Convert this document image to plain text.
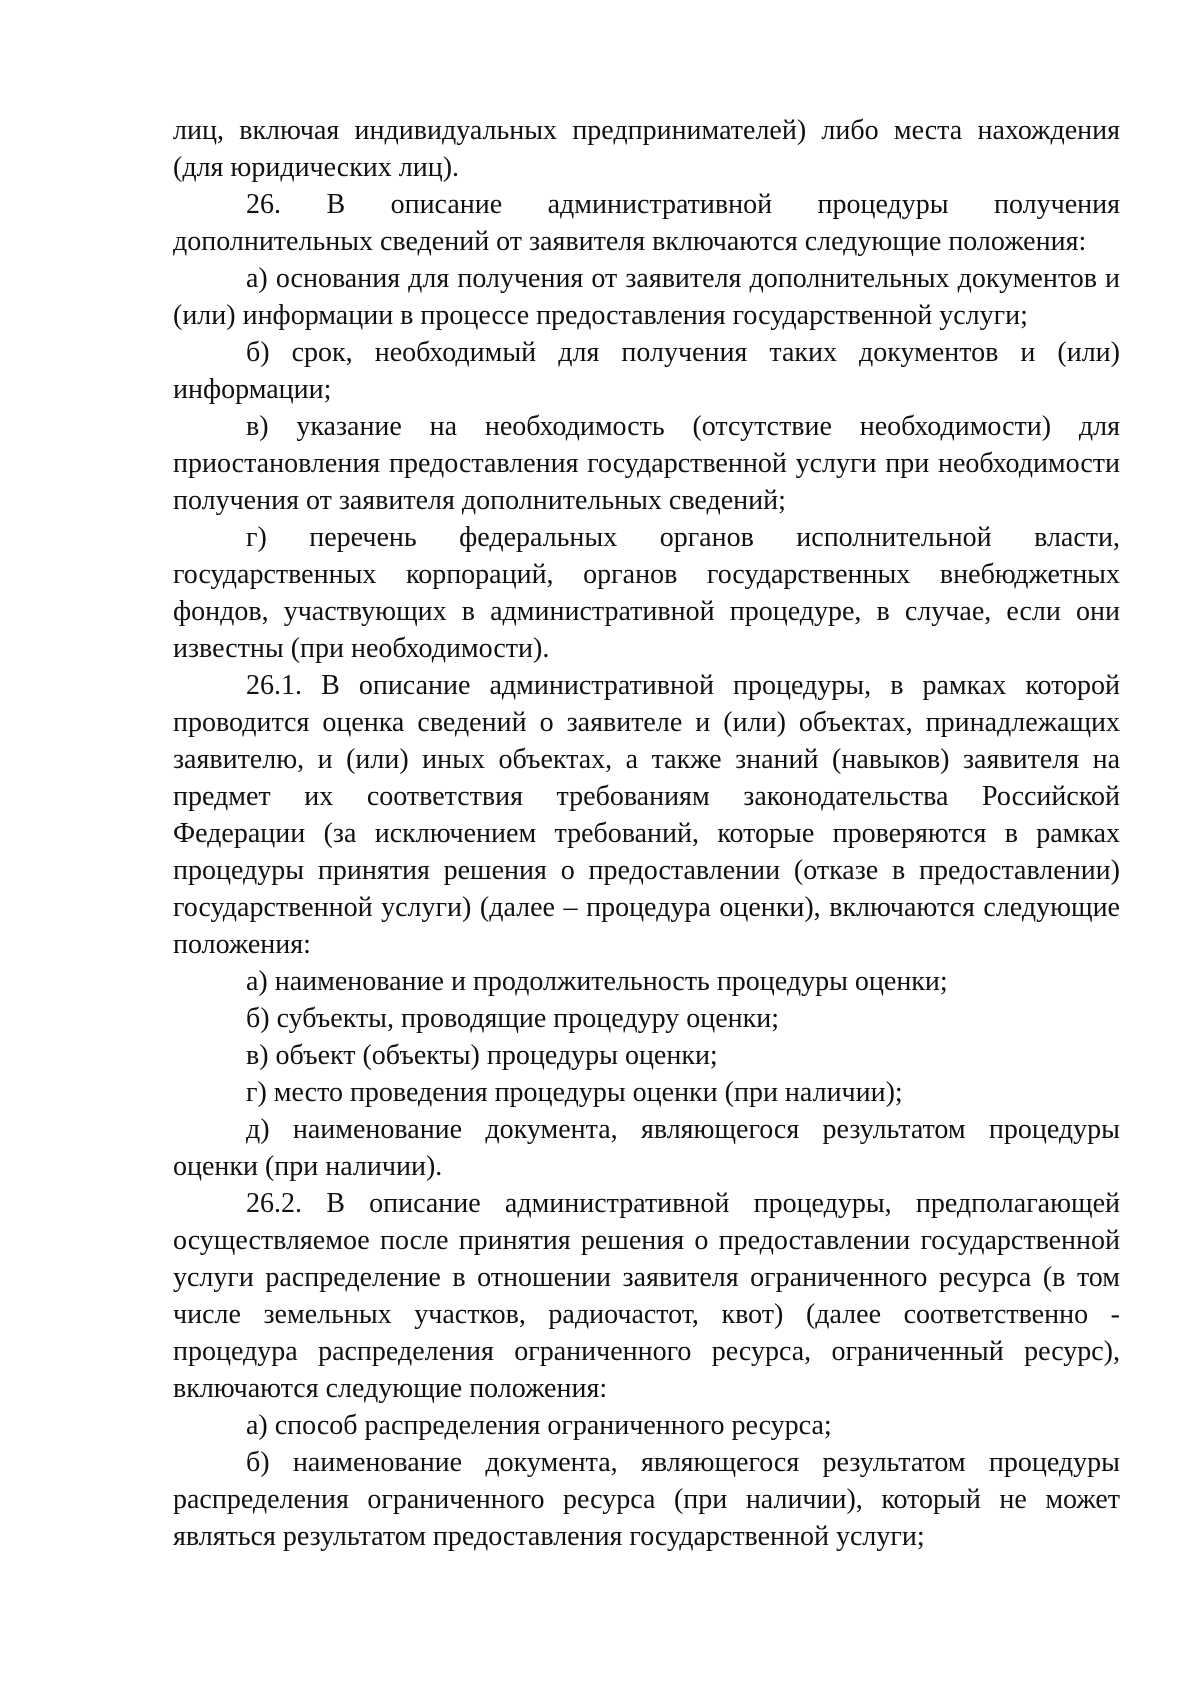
лиц, включая индивидуальных предпринимателей) либо места нахождения (для юридических лиц).

26. В описание административной процедуры получения дополнительных сведений от заявителя включаются следующие положения:

а) основания для получения от заявителя дополнительных документов и (или) информации в процессе предоставления государственной услуги;

б) срок, необходимый для получения таких документов и (или) информации;

в) указание на необходимость (отсутствие необходимости) для приостановления предоставления государственной услуги при необходимости получения от заявителя дополнительных сведений;

г) перечень федеральных органов исполнительной власти, государственных корпораций, органов государственных внебюджетных фондов, участвующих в административной процедуре, в случае, если они известны (при необходимости).

26.1. В описание административной процедуры, в рамках которой проводится оценка сведений о заявителе и (или) объектах, принадлежащих заявителю, и (или) иных объектах, а также знаний (навыков) заявителя на предмет их соответствия требованиям законодательства Российской Федерации (за исключением требований, которые проверяются в рамках процедуры принятия решения о предоставлении (отказе в предоставлении) государственной услуги) (далее – процедура оценки), включаются следующие положения:

а) наименование и продолжительность процедуры оценки;

б) субъекты, проводящие процедуру оценки;

в) объект (объекты) процедуры оценки;

г) место проведения процедуры оценки (при наличии);

д) наименование документа, являющегося результатом процедуры оценки (при наличии).

26.2. В описание административной процедуры, предполагающей осуществляемое после принятия решения о предоставлении государственной услуги распределение в отношении заявителя ограниченного ресурса (в том числе земельных участков, радиочастот, квот) (далее соответственно - процедура распределения ограниченного ресурса, ограниченный ресурс), включаются следующие положения:

а) способ распределения ограниченного ресурса;

б) наименование документа, являющегося результатом процедуры распределения ограниченного ресурса (при наличии), который не может являться результатом предоставления государственной услуги;
